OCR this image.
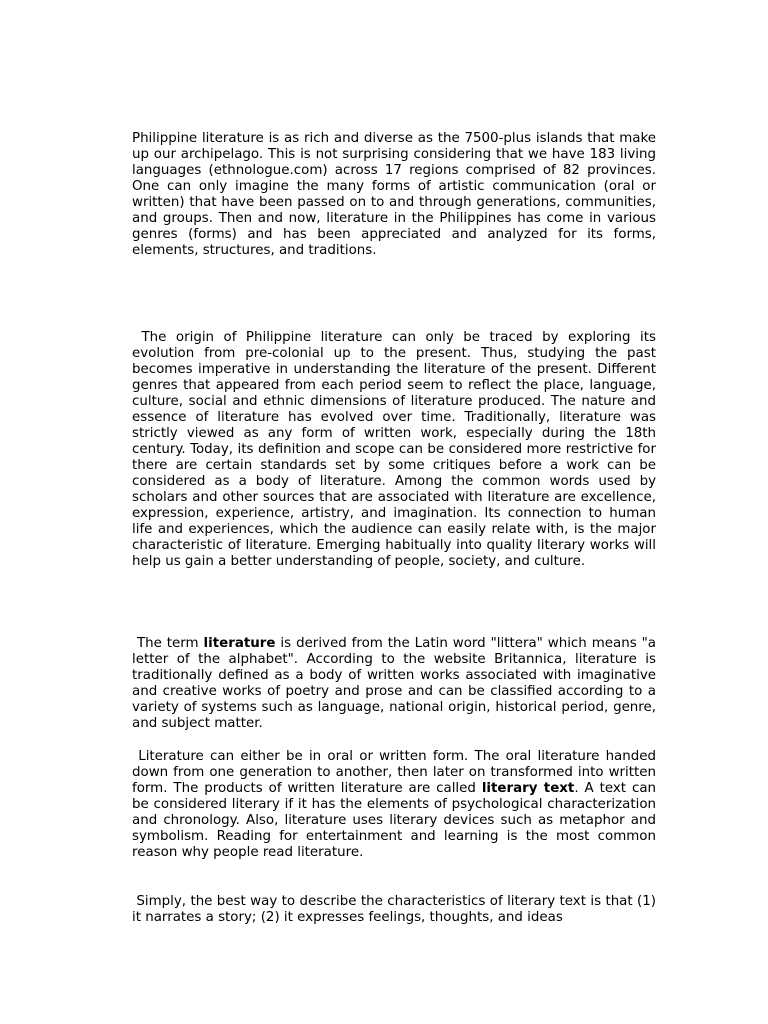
Philippine literature is as rich and diverse as the 7500-plus islands that make up our archipelago. This is not surprising considering that we have 183 living languages (ethnologue.com) across 17 regions comprised of 82 provinces. One can only imagine the many forms of artistic communication (oral or written) that have been passed on to and through generations, communities, and groups. Then and now, literature in the Philippines has come in various genres (forms) and has been appreciated and analyzed for its forms, elements, structures, and traditions.

The origin of Philippine literature can only be traced by exploring its evolution from pre-colonial up to the present. Thus, studying the past becomes imperative in understanding the literature of the present. Different genres that appeared from each period seem to reflect the place, language, culture, social and ethnic dimensions of literature produced. The nature and essence of literature has evolved over time. Traditionally, literature was strictly viewed as any form of written work, especially during the 18th century. Today, its definition and scope can be considered more restrictive for there are certain standards set by some critiques before a work can be considered as a body of literature. Among the common words used by scholars and other sources that are associated with literature are excellence, expression, experience, artistry, and imagination. Its connection to human life and experiences, which the audience can easily relate with, is the major characteristic of literature. Emerging habitually into quality literary works will help us gain a better understanding of people, society, and culture.

The term literature is derived from the Latin word "littera" which means "a letter of the alphabet". According to the website Britannica, literature is traditionally defined as a body of written works associated with imaginative and creative works of poetry and prose and can be classified according to a variety of systems such as language, national origin, historical period, genre, and subject matter.

Literature can either be in oral or written form. The oral literature handed down from one generation to another, then later on transformed into written form. The products of written literature are called literary text. A text can be considered literary if it has the elements of psychological characterization and chronology. Also, literature uses literary devices such as metaphor and symbolism. Reading for entertainment and learning is the most common reason why people read literature.

Simply, the best way to describe the characteristics of literary text is that (1) it narrates a story; (2) it expresses feelings, thoughts, and ideas
